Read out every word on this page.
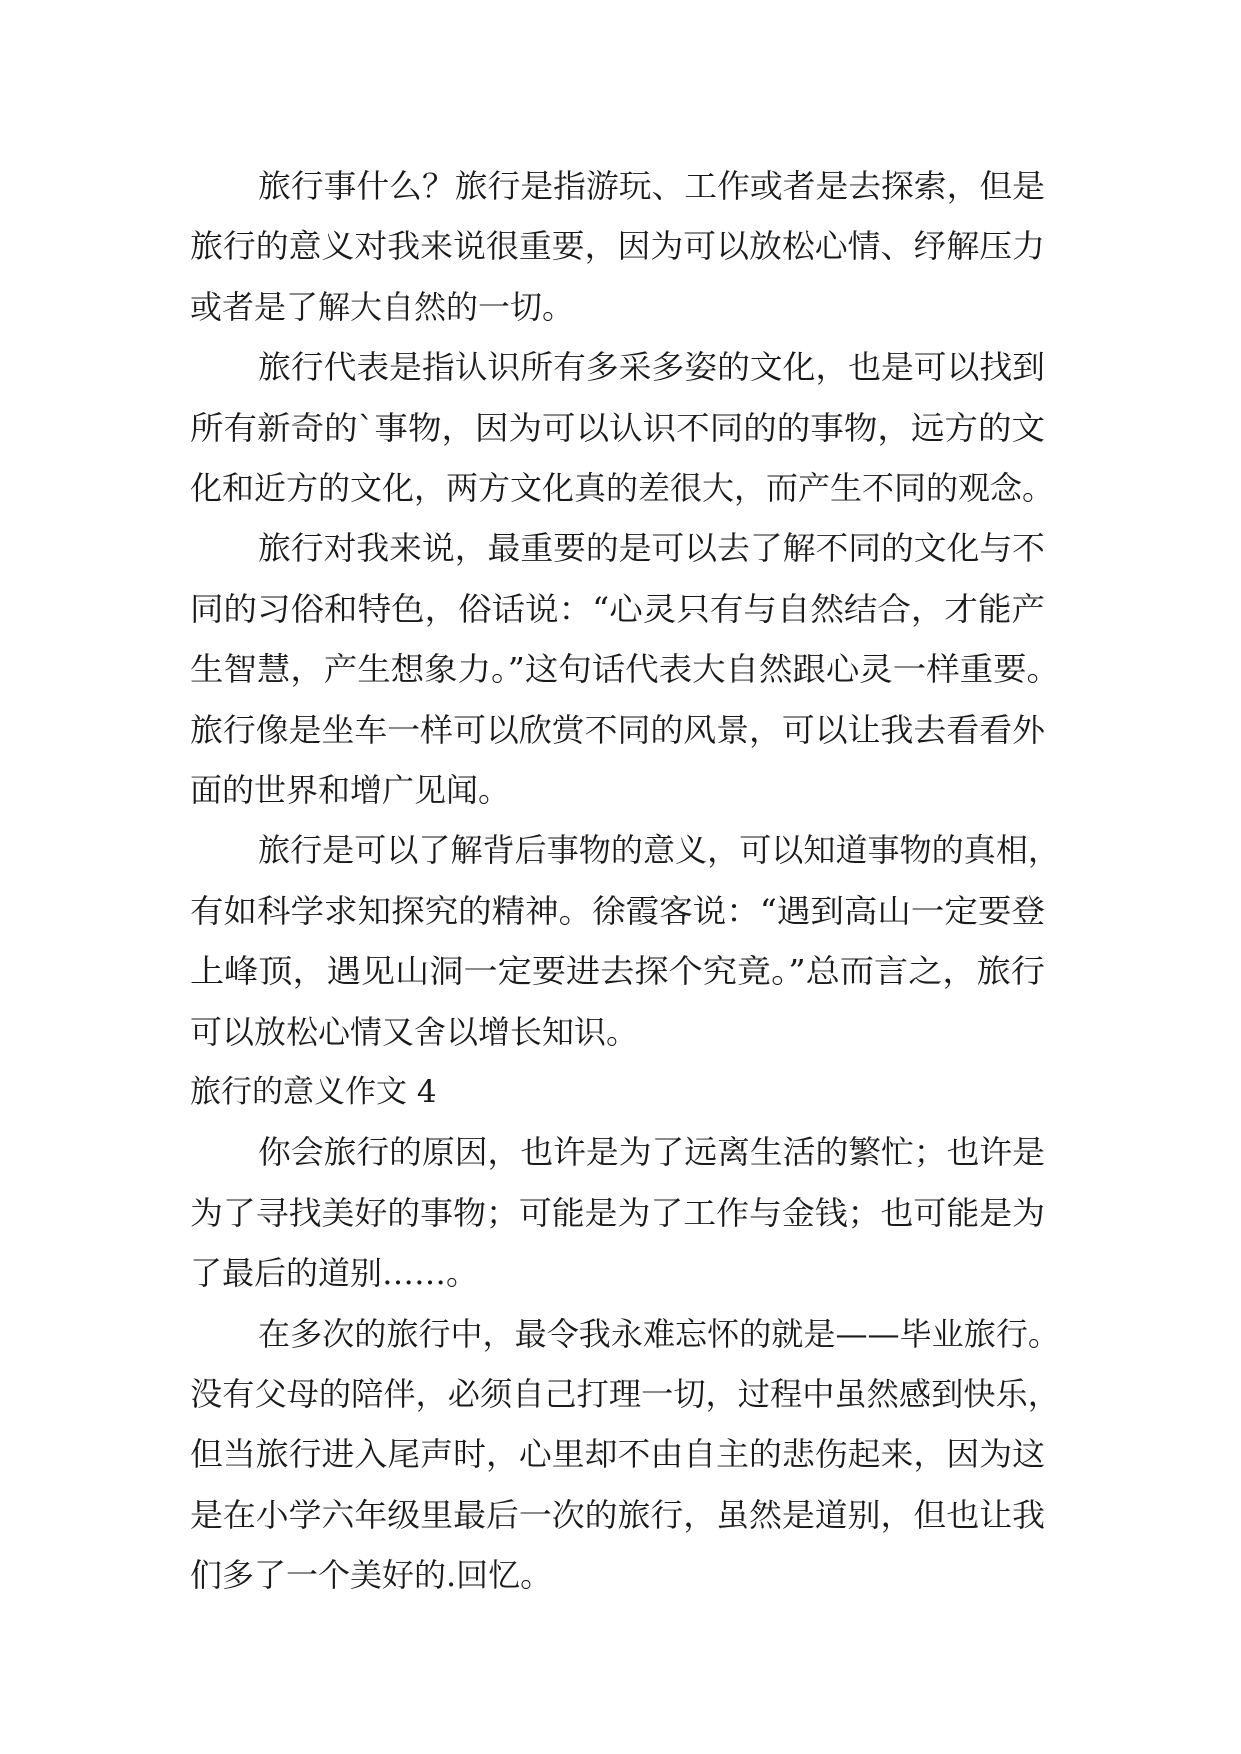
旅行事什么？旅行是指游玩、工作或者是去探索，但是
旅行的意义对我来说很重要，因为可以放松心情、纾解压力
或者是了解大自然的一切。
旅行代表是指认识所有多采多姿的文化，也是可以找到
所有新奇的`事物，因为可以认识不同的的事物，远方的文
化和近方的文化，两方文化真的差很大，而产生不同的观念。
旅行对我来说，最重要的是可以去了解不同的文化与不
同的习俗和特色，俗话说：“心灵只有与自然结合，才能产
生智慧，产生想象力。”这句话代表大自然跟心灵一样重要。
旅行像是坐车一样可以欣赏不同的风景，可以让我去看看外
面的世界和增广见闻。
旅行是可以了解背后事物的意义，可以知道事物的真相，
有如科学求知探究的精神。徐霞客说：“遇到高山一定要登
上峰顶，遇见山洞一定要进去探个究竟。”总而言之，旅行
可以放松心情又舍以增长知识。
旅行的意义作文 4
你会旅行的原因，也许是为了远离生活的繁忙；也许是
为了寻找美好的事物；可能是为了工作与金钱；也可能是为
了最后的道别……。
在多次的旅行中，最令我永难忘怀的就是——毕业旅行。
没有父母的陪伴，必须自己打理一切，过程中虽然感到快乐，
但当旅行进入尾声时，心里却不由自主的悲伤起来，因为这
是在小学六年级里最后一次的旅行，虽然是道别，但也让我
们多了一个美好的.回忆。
